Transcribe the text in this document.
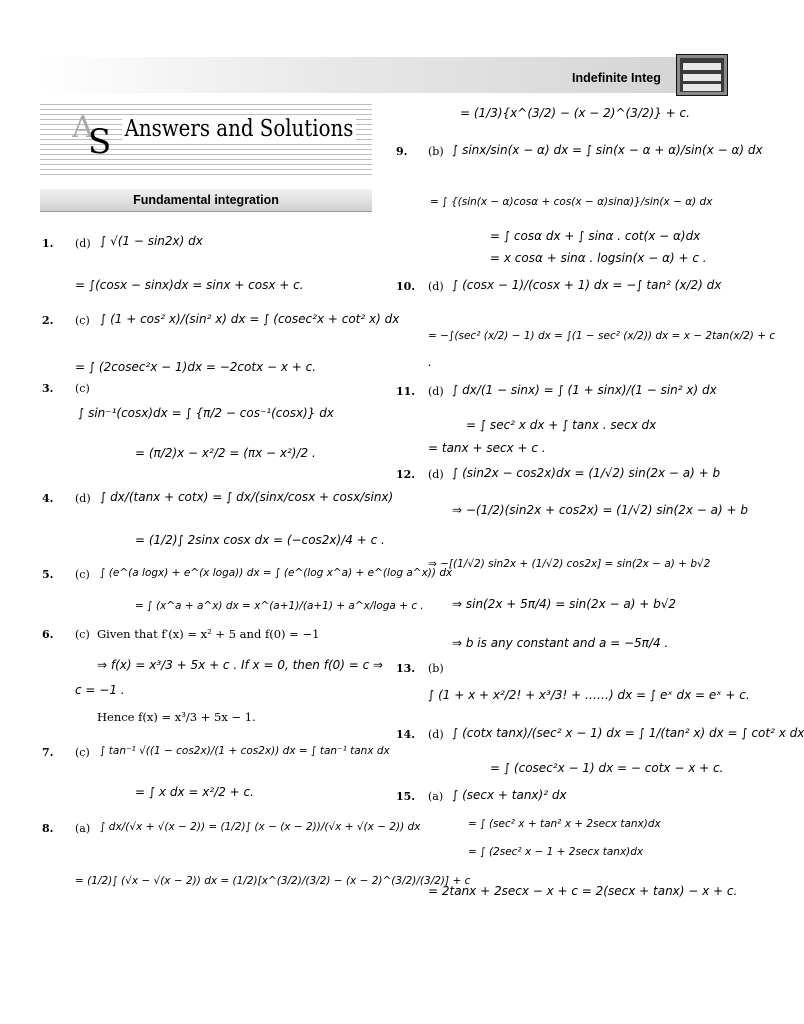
Indefinite Integ
A
S Answers and Solutions
Fundamental integration
1. (d) ∫ √(1 − sin2x) dx
= ∫(cosx − sinx)dx = sinx + cosx + c.
2. (c) ∫ (1 + cos² x)/(sin² x) dx = ∫ (cosec²x + cot² x) dx
= ∫ (2cosec²x − 1)dx = −2cotx − x + c.
3. (c)
∫ sin⁻¹(cosx)dx = ∫ {π/2 − cos⁻¹(cosx)} dx
= (π/2)x − x²/2 = (πx − x²)/2 .
4. (d) ∫ dx/(tanx + cotx) = ∫ dx/(sinx/cosx + cosx/sinx)
= (1/2)∫ 2sinx cosx dx = (−cos2x)/4 + c .
5. (c) ∫ (e^(a logx) + e^(x loga)) dx = ∫ (e^(log x^a) + e^(log a^x)) dx
= ∫ (x^a + a^x) dx = x^(a+1)/(a+1) + a^x/loga + c .
6. (c) Given that f′(x) = x² + 5 and f(0) = −1
⇒ f(x) = x³/3 + 5x + c . If x = 0, then f(0) = c ⇒
c = −1 .
Hence f(x) = x³/3 + 5x − 1.
7. (c) ∫ tan⁻¹ √((1 − cos2x)/(1 + cos2x)) dx = ∫ tan⁻¹ tanx dx
= ∫ x dx = x²/2 + c.
8. (a) ∫ dx/(√x + √(x − 2)) = (1/2)∫ (x − (x − 2))/(√x + √(x − 2)) dx
= (1/2)∫ (√x − √(x − 2)) dx = (1/2)[x^(3/2)/(3/2) − (x − 2)^(3/2)/(3/2)] + c
= (1/3){x^(3/2) − (x − 2)^(3/2)} + c.
9. (b) ∫ sinx/sin(x − α) dx = ∫ sin(x − α + α)/sin(x − α) dx
= ∫ {(sin(x − α)cosα + cos(x − α)sinα)}/sin(x − α) dx
= ∫ cosα dx + ∫ sinα . cot(x − α)dx
= x cosα + sinα . logsin(x − α) + c .
10. (d) ∫ (cosx − 1)/(cosx + 1) dx = −∫ tan² (x/2) dx
= −∫(sec² (x/2) − 1) dx = ∫(1 − sec² (x/2)) dx = x − 2tan(x/2) + c
.
11. (d) ∫ dx/(1 − sinx) = ∫ (1 + sinx)/(1 − sin² x) dx
= ∫ sec² x dx + ∫ tanx . secx dx
= tanx + secx + c .
12. (d) ∫ (sin2x − cos2x)dx = (1/√2) sin(2x − a) + b
⇒ −(1/2)(sin2x + cos2x) = (1/√2) sin(2x − a) + b
⇒ −[(1/√2) sin2x + (1/√2) cos2x] = sin(2x − a) + b√2
⇒ sin(2x + 5π/4) = sin(2x − a) + b√2
⇒ b is any constant and a = −5π/4 .
13. (b)
∫ (1 + x + x²/2! + x³/3! + ……) dx = ∫ eˣ dx = eˣ + c.
14. (d) ∫ (cotx tanx)/(sec² x − 1) dx = ∫ 1/(tan² x) dx = ∫ cot² x dx
= ∫ (cosec²x − 1) dx = − cotx − x + c.
15. (a) ∫ (secx + tanx)² dx
= ∫ (sec² x + tan² x + 2secx tanx)dx
= ∫ (2sec² x − 1 + 2secx tanx)dx
= 2tanx + 2secx − x + c = 2(secx + tanx) − x + c.
